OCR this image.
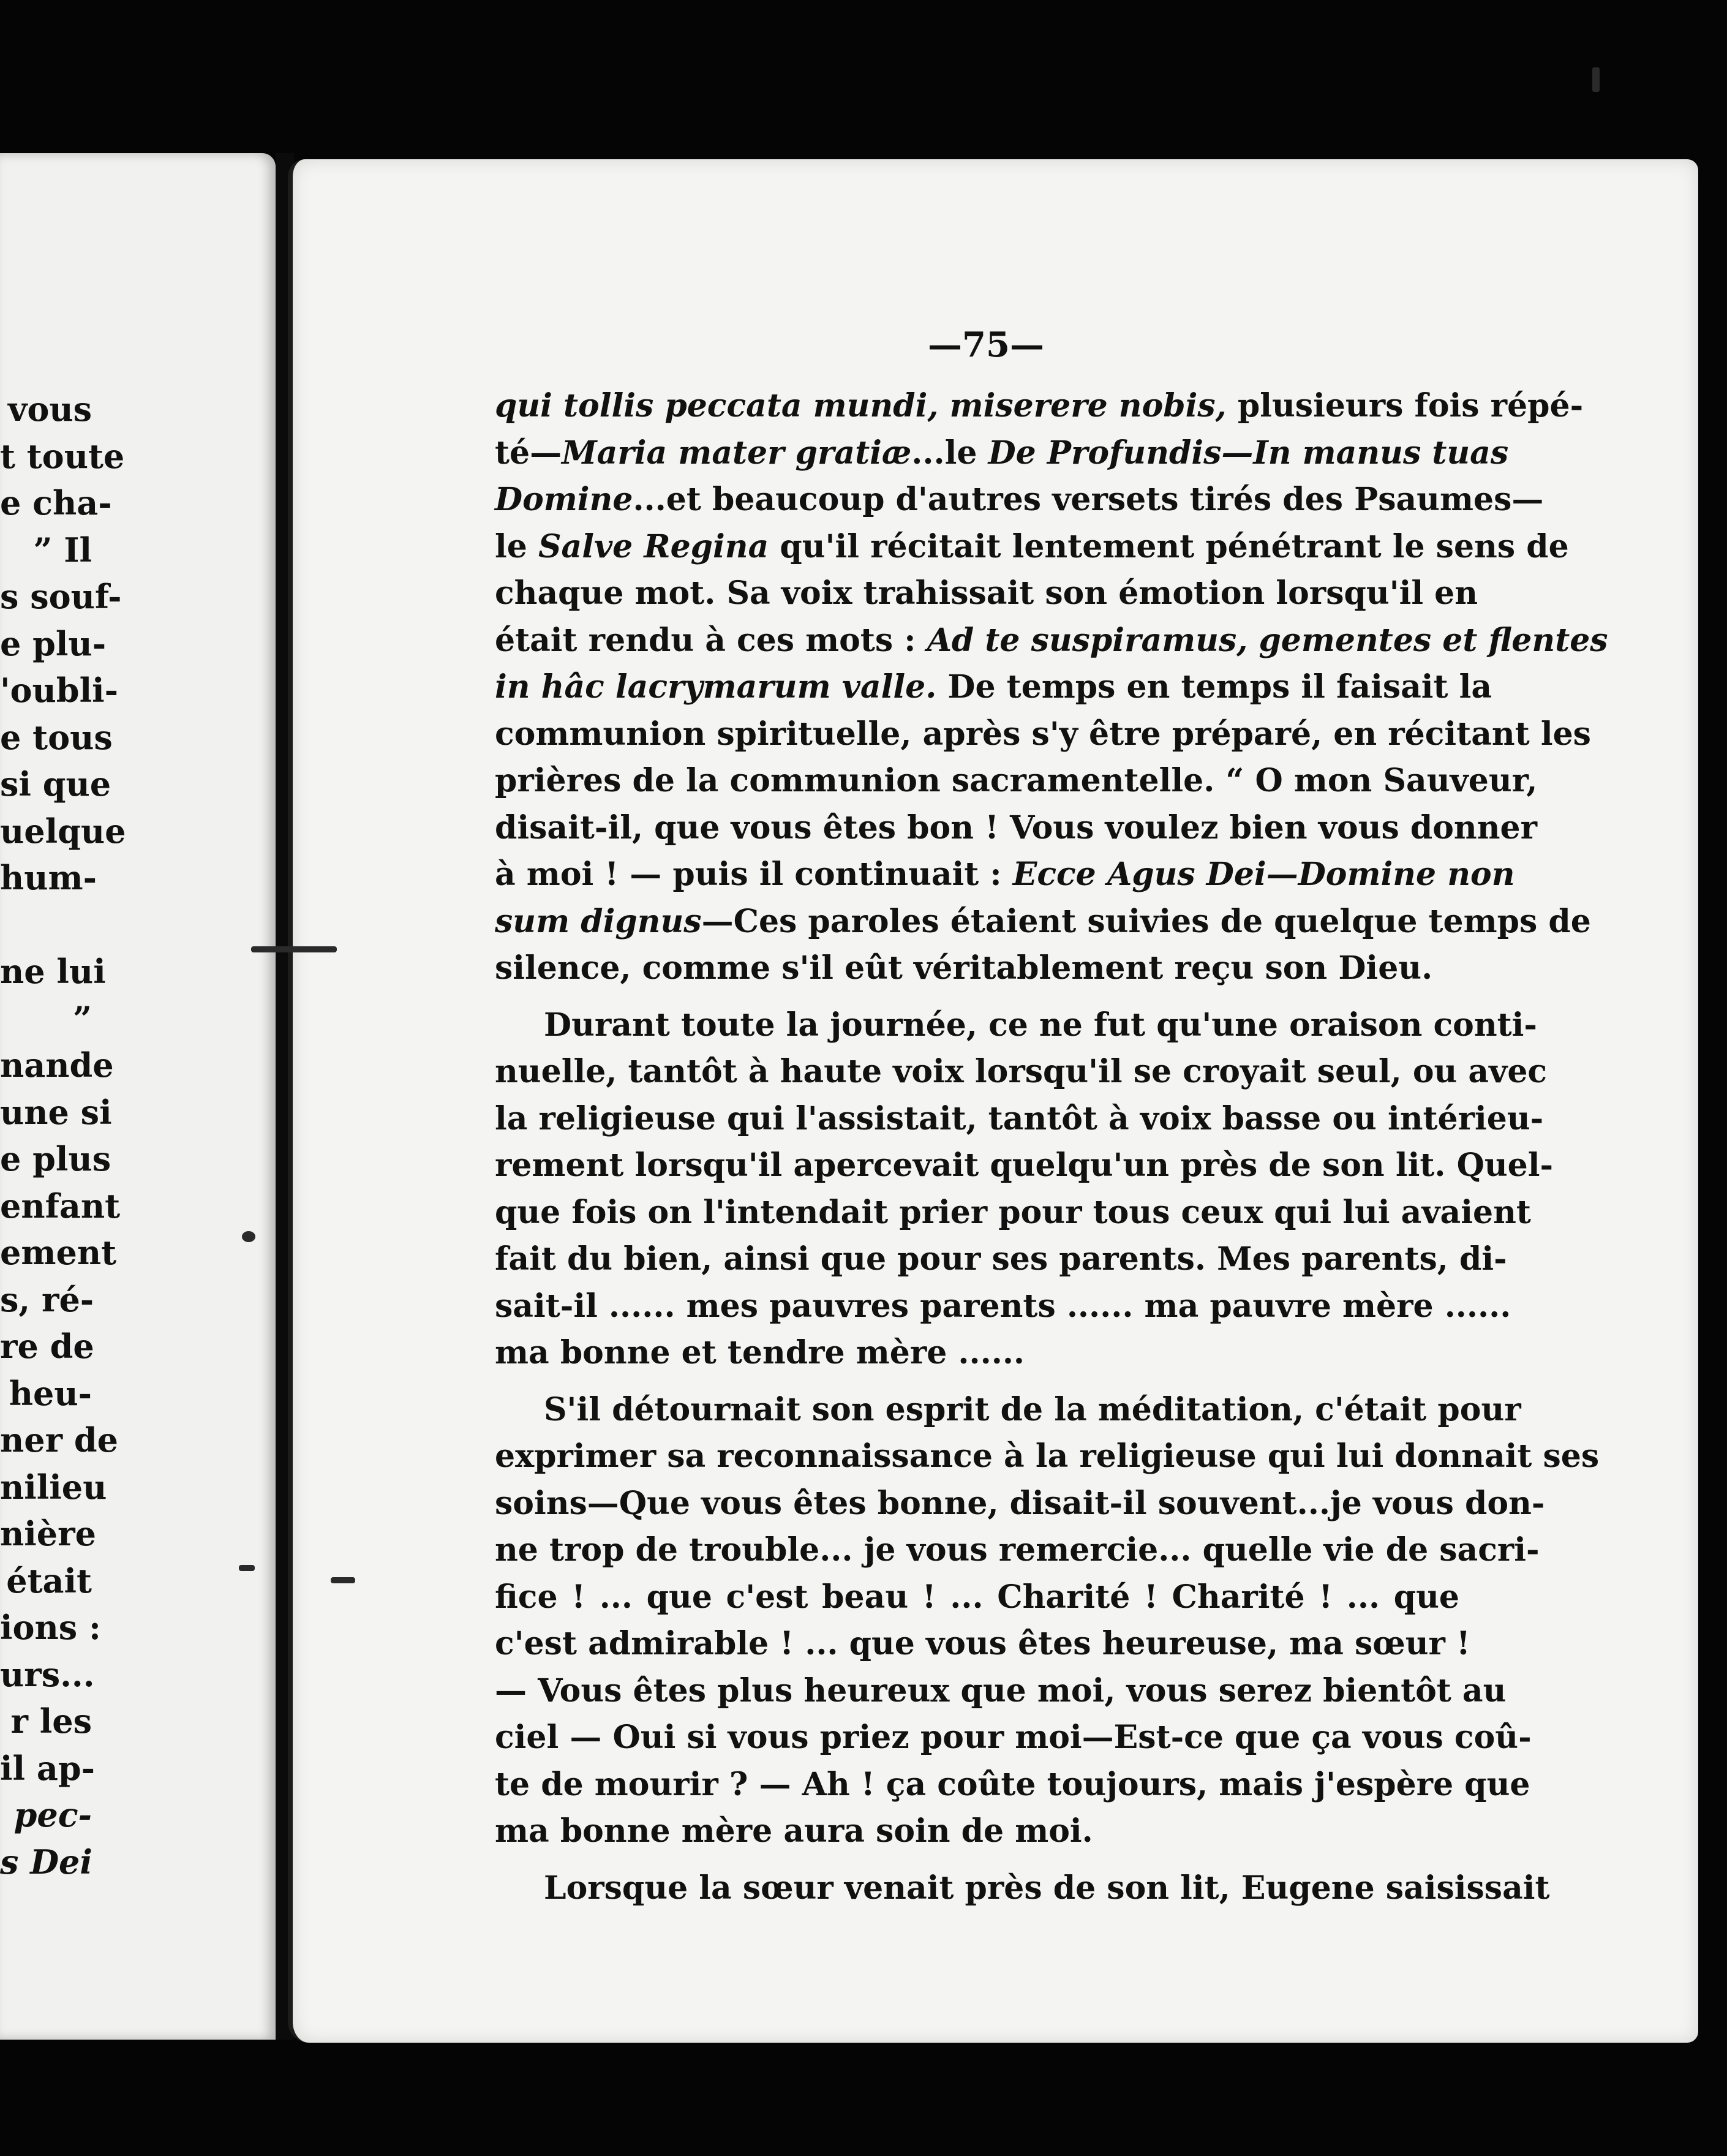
vous
t toute
e cha-
” Il
s souf-
e plu-
'oubli-
e tous
si que
uelque
hum-
ne lui
”
nande
une si
e plus
enfant
ement
s, ré-
re de
heu-
ner de
nilieu
nière
était
ions :
urs...
r les
il ap-
pec-
s Dei
—75—
qui tollis peccata mundi, miserere nobis, plusieurs fois répé-
té—Maria mater gratiæ...le De Profundis—In manus tuas
Domine...et beaucoup d'autres versets tirés des Psaumes—
le Salve Regina qu'il récitait lentement pénétrant le sens de
chaque mot. Sa voix trahissait son émotion lorsqu'il en
était rendu à ces mots : Ad te suspiramus, gementes et flentes
in hâc lacrymarum valle. De temps en temps il faisait la
communion spirituelle, après s'y être préparé, en récitant les
prières de la communion sacramentelle. “ O mon Sauveur,
disait-il, que vous êtes bon ! Vous voulez bien vous donner
à moi ! — puis il continuait : Ecce Agus Dei—Domine non
sum dignus—Ces paroles étaient suivies de quelque temps de
silence, comme s'il eût véritablement reçu son Dieu.
Durant toute la journée, ce ne fut qu'une oraison conti-
nuelle, tantôt à haute voix lorsqu'il se croyait seul, ou avec
la religieuse qui l'assistait, tantôt à voix basse ou intérieu-
rement lorsqu'il apercevait quelqu'un près de son lit. Quel-
que fois on l'intendait prier pour tous ceux qui lui avaient
fait du bien, ainsi que pour ses parents. Mes parents, di-
sait-il ...... mes pauvres parents ...... ma pauvre mère ......
ma bonne et tendre mère ......
S'il détournait son esprit de la méditation, c'était pour
exprimer sa reconnaissance à la religieuse qui lui donnait ses
soins—Que vous êtes bonne, disait-il souvent...je vous don-
ne trop de trouble... je vous remercie... quelle vie de sacri-
fice ! ... que c'est beau ! ... Charité ! Charité ! ... que
c'est admirable ! ... que vous êtes heureuse, ma sœur !
— Vous êtes plus heureux que moi, vous serez bientôt au
ciel — Oui si vous priez pour moi—Est-ce que ça vous coû-
te de mourir ? — Ah ! ça coûte toujours, mais j'espère que
ma bonne mère aura soin de moi.
Lorsque la sœur venait près de son lit, Eugene saisissait
